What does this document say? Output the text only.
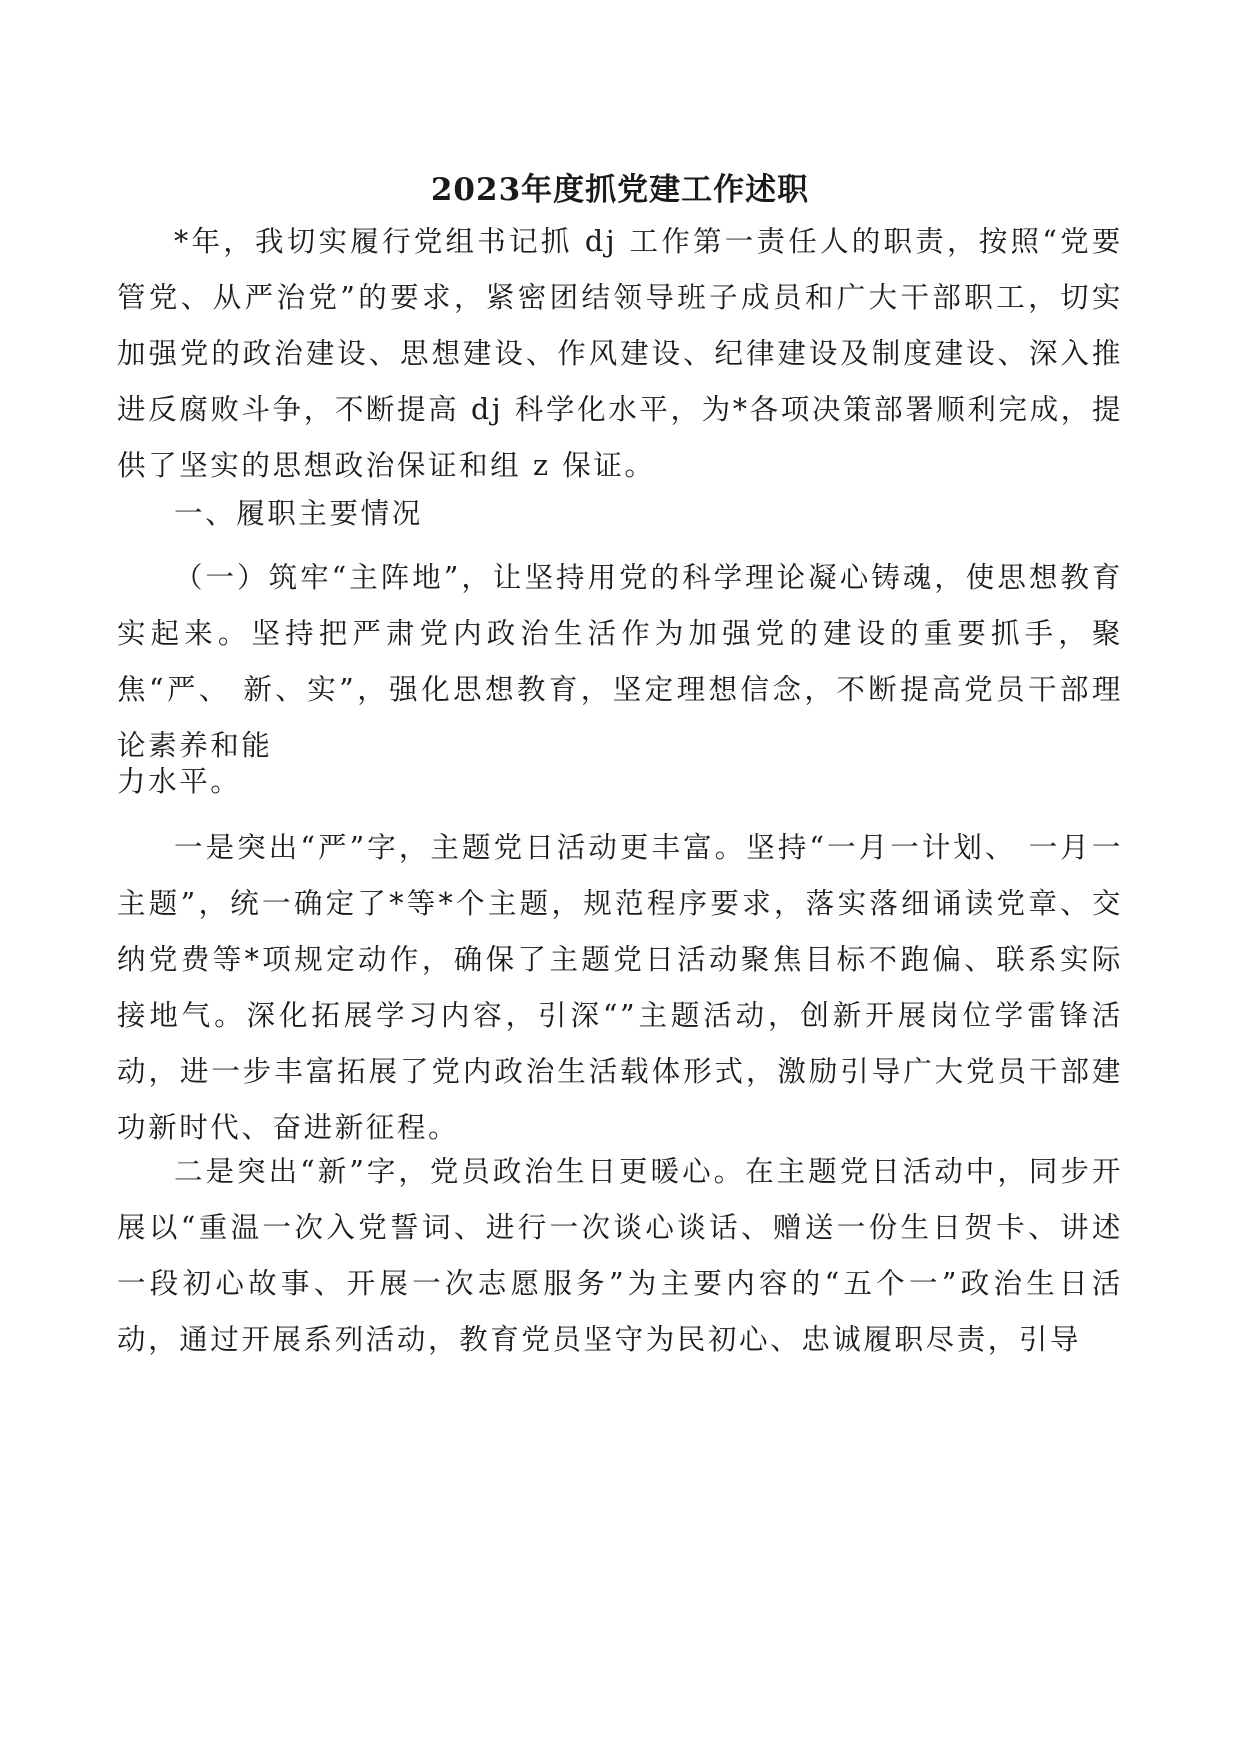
2023年度抓党建工作述职

*年，我切实履行党组书记抓 dj 工作第一责任人的职责，按照“党要管党、从严治党”的要求，紧密团结领导班子成员和广大干部职工，切实加强党的政治建设、思想建设、作风建设、纪律建设及制度建设、深入推进反腐败斗争，不断提高 dj 科学化水平，为*各项决策部署顺利完成，提供了坚实的思想政治保证和组 z 保证。

一、履职主要情况

（一）筑牢“主阵地”，让坚持用党的科学理论凝心铸魂，使思想教育实起来。坚持把严肃党内政治生活作为加强党的建设的重要抓手，聚焦“严、 新、实”，强化思想教育，坚定理想信念，不断提高党员干部理论素养和能

力水平。

一是突出“严”字，主题党日活动更丰富。坚持“一月一计划、 一月一主题”，统一确定了*等*个主题，规范程序要求，落实落细诵读党章、交纳党费等*项规定动作，确保了主题党日活动聚焦目标不跑偏、联系实际接地气。深化拓展学习内容，引深“”主题活动，创新开展岗位学雷锋活动，进一步丰富拓展了党内政治生活载体形式，激励引导广大党员干部建功新时代、奋进新征程。

二是突出“新”字，党员政治生日更暖心。在主题党日活动中，同步开展以“重温一次入党誓词、进行一次谈心谈话、赠送一份生日贺卡、讲述一段初心故事、开展一次志愿服务”为主要内容的“五个一”政治生日活动，通过开展系列活动，教育党员坚守为民初心、忠诚履职尽责，引导
